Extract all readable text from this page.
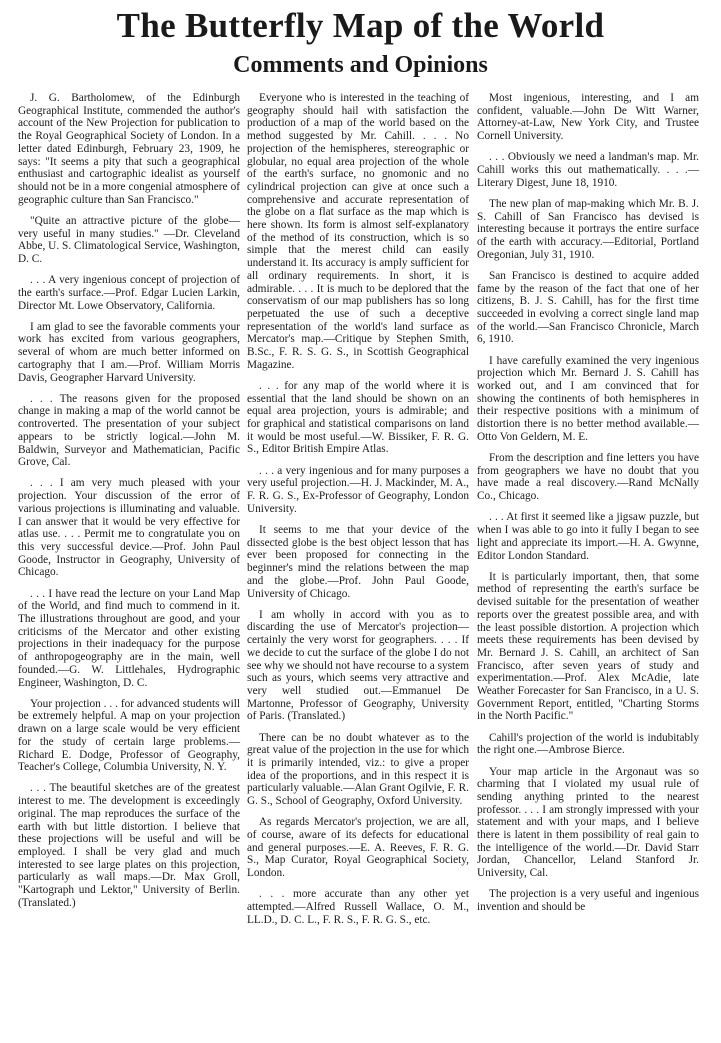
The Butterfly Map of the World
Comments and Opinions

J. G. Bartholomew, of the Edinburgh Geographical Institute, commended the author's account of the New Projection for publication to the Royal Geographical Society of London. In a letter dated Edinburgh, February 23, 1909, he says: "It seems a pity that such a geographical enthusiast and cartographic idealist as yourself should not be in a more congenial atmosphere of geographic culture than San Francisco."

"Quite an attractive picture of the globe—very useful in many studies." —Dr. Cleveland Abbe, U. S. Climatological Service, Washington, D. C.

. . . A very ingenious concept of projection of the earth's surface.—Prof. Edgar Lucien Larkin, Director Mt. Lowe Observatory, California.

I am glad to see the favorable comments your work has excited from various geographers, several of whom are much better informed on cartography that I am.—Prof. William Morris Davis, Geographer Harvard University.

. . . The reasons given for the proposed change in making a map of the world cannot be controverted. The presentation of your subject appears to be strictly logical.—John M. Baldwin, Surveyor and Mathematician, Pacific Grove, Cal.

. . . I am very much pleased with your projection. Your discussion of the error of various projections is illuminating and valuable. I can answer that it would be very effective for atlas use. . . . Permit me to congratulate you on this very successful device.—Prof. John Paul Goode, Instructor in Geography, University of Chicago.

. . . I have read the lecture on your Land Map of the World, and find much to commend in it. The illustrations throughout are good, and your criticisms of the Mercator and other existing projections in their inadequacy for the purpose of anthropogeography are in the main, well founded.—G. W. Littlehales, Hydrographic Engineer, Washington, D. C.

Your projection . . . for advanced students will be extremely helpful. A map on your projection drawn on a large scale would be very efficient for the study of certain large problems.—Richard E. Dodge, Professor of Geography, Teacher's College, Columbia University, N. Y.

. . . The beautiful sketches are of the greatest interest to me. The development is exceedingly original. The map reproduces the surface of the earth with but little distortion. I believe that these projections will be useful and will be employed. I shall be very glad and much interested to see large plates on this projection, particularly as wall maps.—Dr. Max Groll, "Kartograph und Lektor," University of Berlin. (Translated.)

Everyone who is interested in the teaching of geography should hail with satisfaction the production of a map of the world based on the method suggested by Mr. Cahill. . . . No projection of the hemispheres, stereographic or globular, no equal area projection of the whole of the earth's surface, no gnomonic and no cylindrical projection can give at once such a comprehensive and accurate representation of the globe on a flat surface as the map which is here shown. Its form is almost self-explanatory of the method of its construction, which is so simple that the merest child can easily understand it. Its accuracy is amply sufficient for all ordinary requirements. In short, it is admirable. . . . It is much to be deplored that the conservatism of our map publishers has so long perpetuated the use of such a deceptive representation of the world's land surface as Mercator's map.—Critique by Stephen Smith, B.Sc., F. R. S. G. S., in Scottish Geographical Magazine.

. . . for any map of the world where it is essential that the land should be shown on an equal area projection, yours is admirable; and for graphical and statistical comparisons on land it would be most useful.—W. Bissiker, F. R. G. S., Editor British Empire Atlas.

. . . a very ingenious and for many purposes a very useful projection.—H. J. Mackinder, M. A., F. R. G. S., Ex-Professor of Geography, London University.

It seems to me that your device of the dissected globe is the best object lesson that has ever been proposed for connecting in the beginner's mind the relations between the map and the globe.—Prof. John Paul Goode, University of Chicago.

I am wholly in accord with you as to discarding the use of Mercator's projection—certainly the very worst for geographers. . . . If we decide to cut the surface of the globe I do not see why we should not have recourse to a system such as yours, which seems very attractive and very well studied out.—Emmanuel De Martonne, Professor of Geography, University of Paris. (Translated.)

There can be no doubt whatever as to the great value of the projection in the use for which it is primarily intended, viz.: to give a proper idea of the proportions, and in this respect it is particularly valuable.—Alan Grant Ogilvie, F. R. G. S., School of Geography, Oxford University.

As regards Mercator's projection, we are all, of course, aware of its defects for educational and general purposes.—E. A. Reeves, F. R. G. S., Map Curator, Royal Geographical Society, London.

. . . more accurate than any other yet attempted.—Alfred Russell Wallace, O. M., LL.D., D. C. L., F. R. S., F. R. G. S., etc.

Most ingenious, interesting, and I am confident, valuable.—John De Witt Warner, Attorney-at-Law, New York City, and Trustee Cornell University.

. . . Obviously we need a landman's map. Mr. Cahill works this out mathematically. . . .—Literary Digest, June 18, 1910.

The new plan of map-making which Mr. B. J. S. Cahill of San Francisco has devised is interesting because it portrays the entire surface of the earth with accuracy.—Editorial, Portland Oregonian, July 31, 1910.

San Francisco is destined to acquire added fame by the reason of the fact that one of her citizens, B. J. S. Cahill, has for the first time succeeded in evolving a correct single land map of the world.—San Francisco Chronicle, March 6, 1910.

I have carefully examined the very ingenious projection which Mr. Bernard J. S. Cahill has worked out, and I am convinced that for showing the continents of both hemispheres in their respective positions with a minimum of distortion there is no better method available.— Otto Von Geldern, M. E.

From the description and fine letters you have from geographers we have no doubt that you have made a real discovery.—Rand McNally Co., Chicago.

. . . At first it seemed like a jigsaw puzzle, but when I was able to go into it fully I began to see light and appreciate its import.—H. A. Gwynne, Editor London Standard.

It is particularly important, then, that some method of representing the earth's surface be devised suitable for the presentation of weather reports over the greatest possible area, and with the least possible distortion. A projection which meets these requirements has been devised by Mr. Bernard J. S. Cahill, an architect of San Francisco, after seven years of study and experimentation.—Prof. Alex McAdie, late Weather Forecaster for San Francisco, in a U. S. Government Report, entitled, "Charting Storms in the North Pacific."

Cahill's projection of the world is indubitably the right one.—Ambrose Bierce.

Your map article in the Argonaut was so charming that I violated my usual rule of sending anything printed to the nearest professor. . . . I am strongly impressed with your statement and with your maps, and I believe there is latent in them possibility of real gain to the intelligence of the world.—Dr. David Starr Jordan, Chancellor, Leland Stanford Jr. University, Cal.

The projection is a very useful and ingenious invention and should be
